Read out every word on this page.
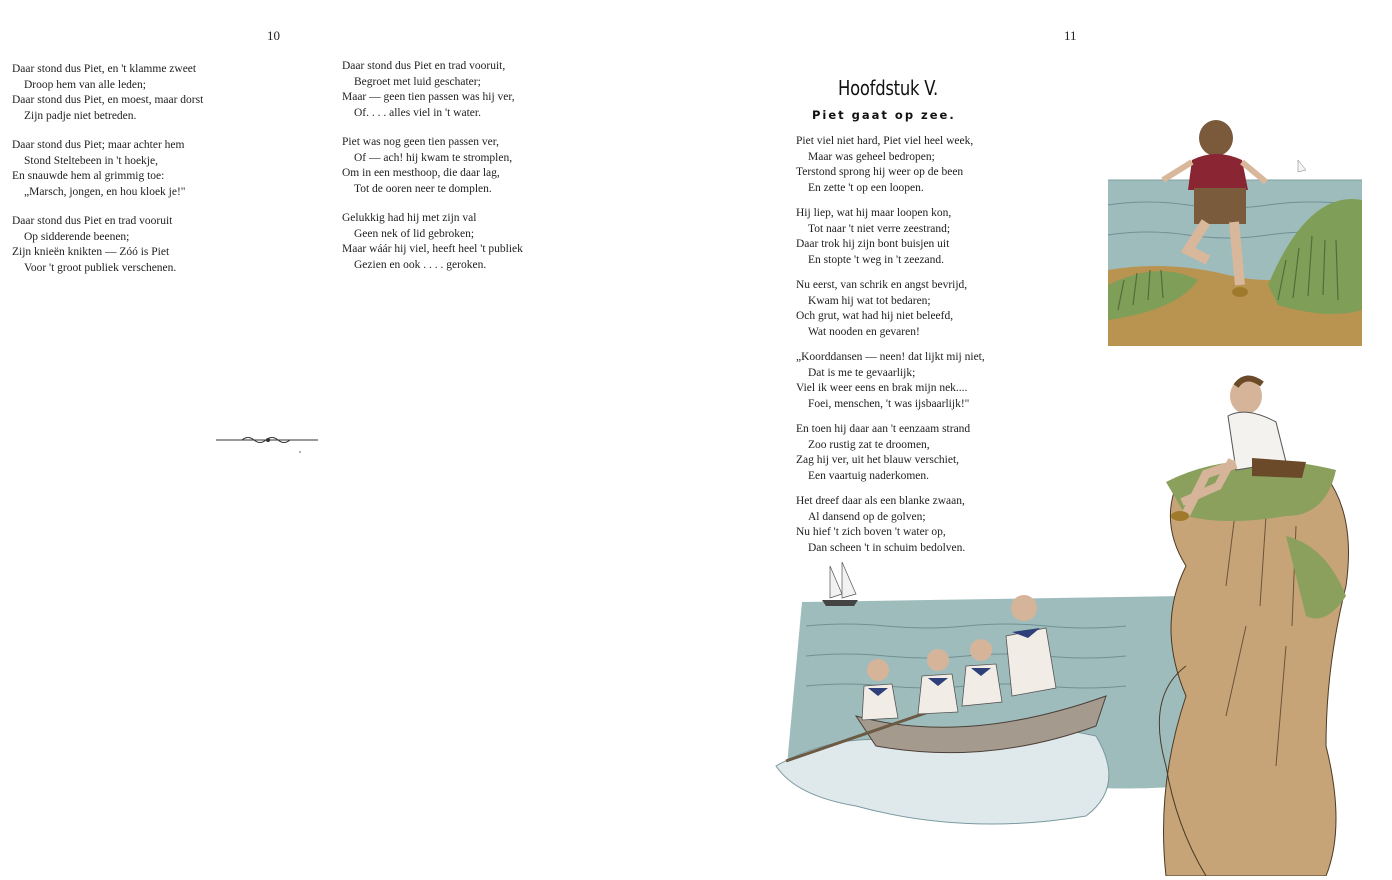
10	11
Daar stond dus Piet, en 't klamme zweet
Droop hem van alle leden;
Daar stond dus Piet, en moest, maar dorst
Zijn padje niet betreden.
Daar stond dus Piet; maar achter hem
Stond Steltebeen in 't hoekje,
En snauwde hem al grimmig toe:
„Marsch, jongen, en hou kloek je!"
Daar stond dus Piet en trad vooruit
Op sidderende beenen;
Zijn knieën knikten — Zóó is Piet
Voor 't groot publiek verschenen.
Daar stond dus Piet en trad vooruit,
Begroet met luid geschater;
Maar — geen tien passen was hij ver,
Of. . . . alles viel in 't water.
Piet was nog geen tien passen ver,
Of — ach! hij kwam te stromplen,
Om in een mesthoop, die daar lag,
Tot de ooren neer te domplen.
Gelukkig had hij met zijn val
Geen nek of lid gebroken;
Maar wáár hij viel, heeft heel 't publiek
Gezien en ook . . . . geroken.
Hoofdstuk V.
Piet gaat op zee.
Piet viel niet hard, Piet viel heel week,
Maar was geheel bedropen;
Terstond sprong hij weer op de been
En zette 't op een loopen.
Hij liep, wat hij maar loopen kon,
Tot naar 't niet verre zeestrand;
Daar trok hij zijn bont buisjen uit
En stopte 't weg in 't zeezand.
Nu eerst, van schrik en angst bevrijd,
Kwam hij wat tot bedaren;
Och grut, wat had hij niet beleefd,
Wat nooden en gevaren!
„Koorddansen — neen! dat lijkt mij niet,
Dat is me te gevaarlijk;
Viel ik weer eens en brak mijn nek....
Foei, menschen, 't was ijsbaarlijk!"
En toen hij daar aan 't eenzaam strand
Zoo rustig zat te droomen,
Zag hij ver, uit het blauw verschiet,
Een vaartuig naderkomen.
Het dreef daar als een blanke zwaan,
Al dansend op de golven;
Nu hief 't zich boven 't water op,
Dan scheen 't in schuim bedolven.
